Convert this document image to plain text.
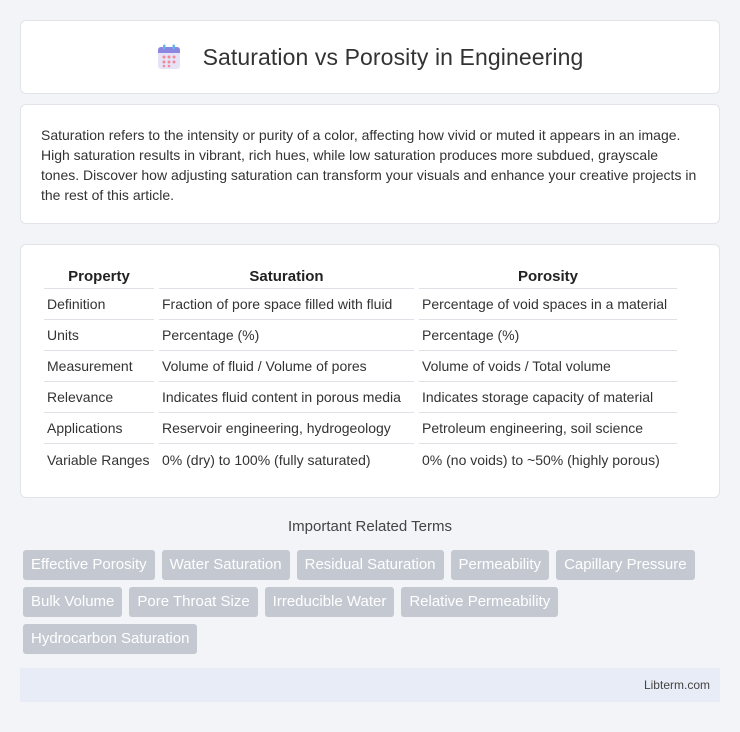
Saturation vs Porosity in Engineering

Saturation refers to the intensity or purity of a color, affecting how vivid or muted it appears in an image. High saturation results in vibrant, rich hues, while low saturation produces more subdued, grayscale tones. Discover how adjusting saturation can transform your visuals and enhance your creative projects in the rest of this article.

Property	Saturation	Porosity
Definition	Fraction of pore space filled with fluid	Percentage of void spaces in a material
Units	Percentage (%)	Percentage (%)
Measurement	Volume of fluid / Volume of pores	Volume of voids / Total volume
Relevance	Indicates fluid content in porous media	Indicates storage capacity of material
Applications	Reservoir engineering, hydrogeology	Petroleum engineering, soil science
Variable Ranges	0% (dry) to 100% (fully saturated)	0% (no voids) to ~50% (highly porous)
Important Related Terms
Effective Porosity	Water Saturation	Residual Saturation	Permeability	Capillary Pressure
Bulk Volume	Pore Throat Size	Irreducible Water	Relative Permeability
Hydrocarbon Saturation
Libterm.com
